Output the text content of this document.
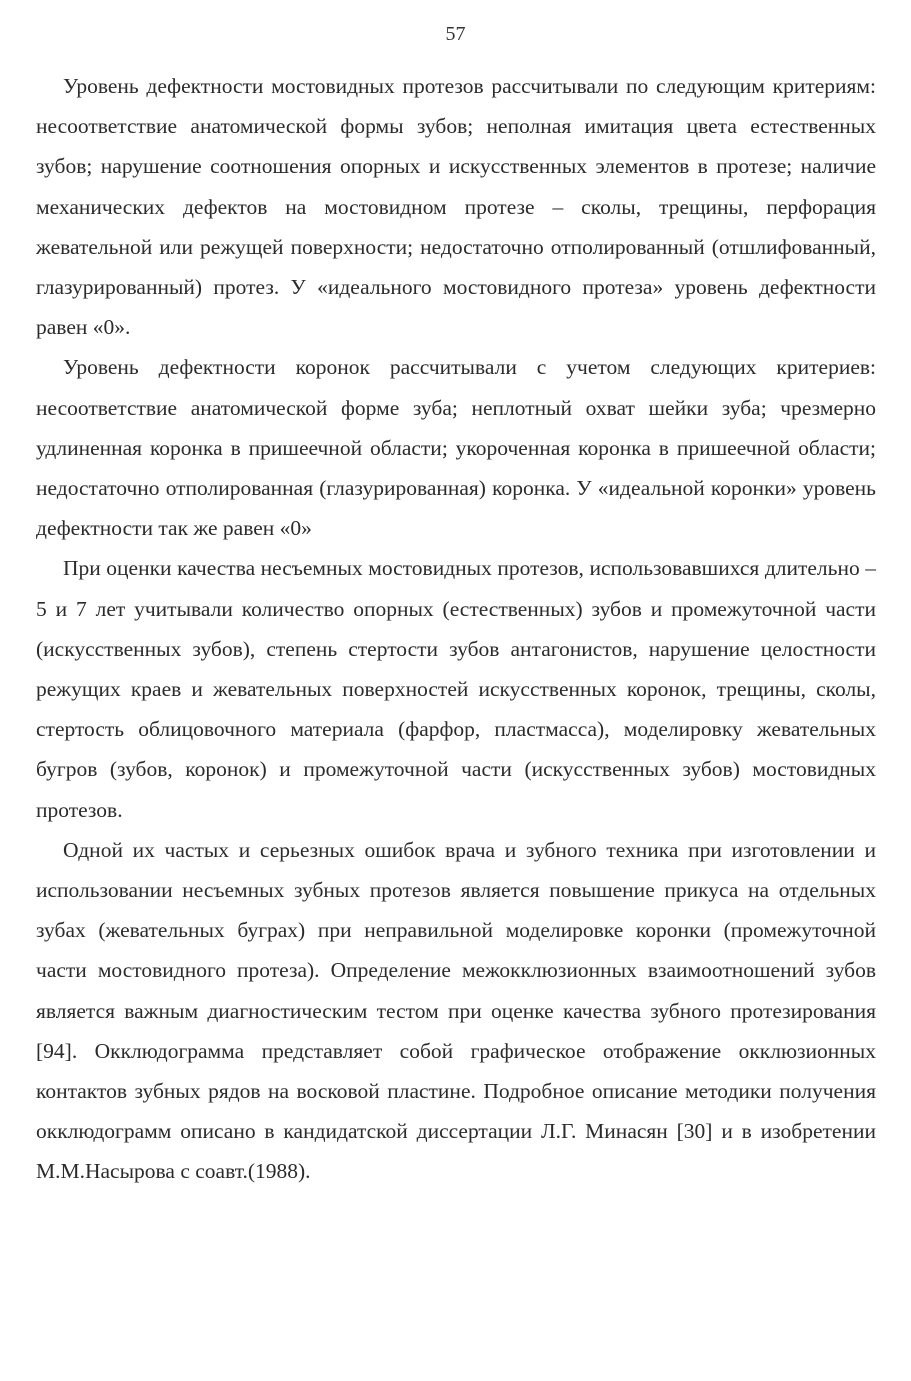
57

Уровень дефектности мостовидных протезов рассчитывали по следующим критериям: несоответствие анатомической формы зубов; неполная имитация цвета естественных зубов; нарушение соотношения опорных и искусственных элементов в протезе; наличие механических дефектов на мостовидном протезе – сколы, трещины, перфорация жевательной или режущей поверхности; недостаточно отполированный (отшлифованный, глазурированный) протез. У «идеального мостовидного протеза» уровень дефектности равен «0».

Уровень дефектности коронок рассчитывали с учетом следующих критериев: несоответствие анатомической форме зуба; неплотный охват шейки зуба; чрезмерно удлиненная коронка в пришеечной области; укороченная коронка в пришеечной области; недостаточно отполированная (глазурированная) коронка. У «идеальной коронки» уровень дефектности так же равен «0»

При оценки качества несъемных мостовидных протезов, использовавшихся длительно – 5 и 7 лет учитывали количество опорных (естественных) зубов и промежуточной части (искусственных зубов), степень стертости зубов антагонистов, нарушение целостности режущих краев и жевательных поверхностей искусственных коронок, трещины, сколы, стертость облицовочного материала (фарфор, пластмасса), моделировку жевательных бугров (зубов, коронок) и промежуточной части (искусственных зубов) мостовидных протезов.

Одной их частых и серьезных ошибок врача и зубного техника при изготовлении и использовании несъемных зубных протезов является повышение прикуса на отдельных зубах (жевательных буграх) при неправильной моделировке коронки (промежуточной части мостовидного протеза). Определение межокклюзионных взаимоотношений зубов является важным диагностическим тестом при оценке качества зубного протезирования [94]. Окклюдограмма представляет собой графическое отображение окклюзионных контактов зубных рядов на восковой пластине. Подробное описание методики получения окклюдограмм описано в кандидатской диссертации Л.Г. Минасян [30] и в изобретении М.М.Насырова с соавт.(1988).
